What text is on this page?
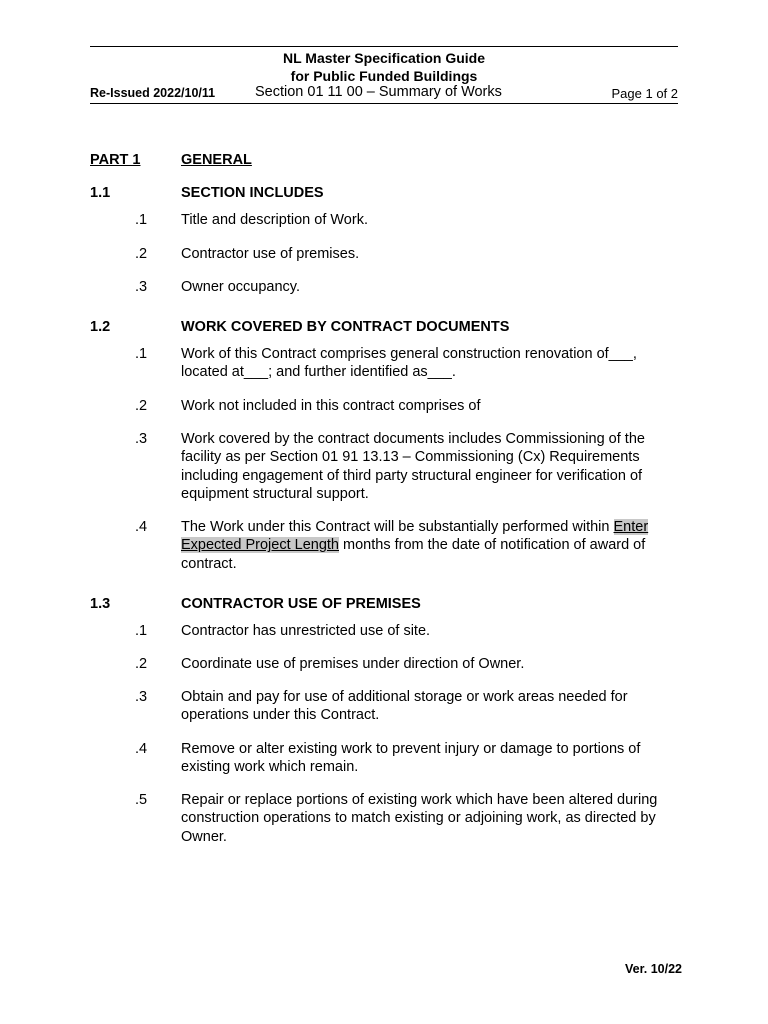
NL Master Specification Guide
for Public Funded Buildings
Re-Issued 2022/10/11	Section 01 11 00 – Summary of Works	Page 1 of 2
PART 1	GENERAL
1.1	SECTION INCLUDES
.1	Title and description of Work.
.2	Contractor use of premises.
.3	Owner occupancy.
1.2	WORK COVERED BY CONTRACT DOCUMENTS
.1	Work of this Contract comprises general construction renovation of___, located at___; and further identified as___.
.2	Work not included in this contract comprises of
.3	Work covered by the contract documents includes Commissioning of the facility as per Section 01 91 13.13 – Commissioning (Cx) Requirements including engagement of third party structural engineer for verification of equipment structural support.
.4	The Work under this Contract will be substantially performed within Enter Expected Project Length months from the date of notification of award of contract.
1.3	CONTRACTOR USE OF PREMISES
.1	Contractor has unrestricted use of site.
.2	Coordinate use of premises under direction of Owner.
.3	Obtain and pay for use of additional storage or work areas needed for operations under this Contract.
.4	Remove or alter existing work to prevent injury or damage to portions of existing work which remain.
.5	Repair or replace portions of existing work which have been altered during construction operations to match existing or adjoining work, as directed by Owner.
Ver. 10/22
